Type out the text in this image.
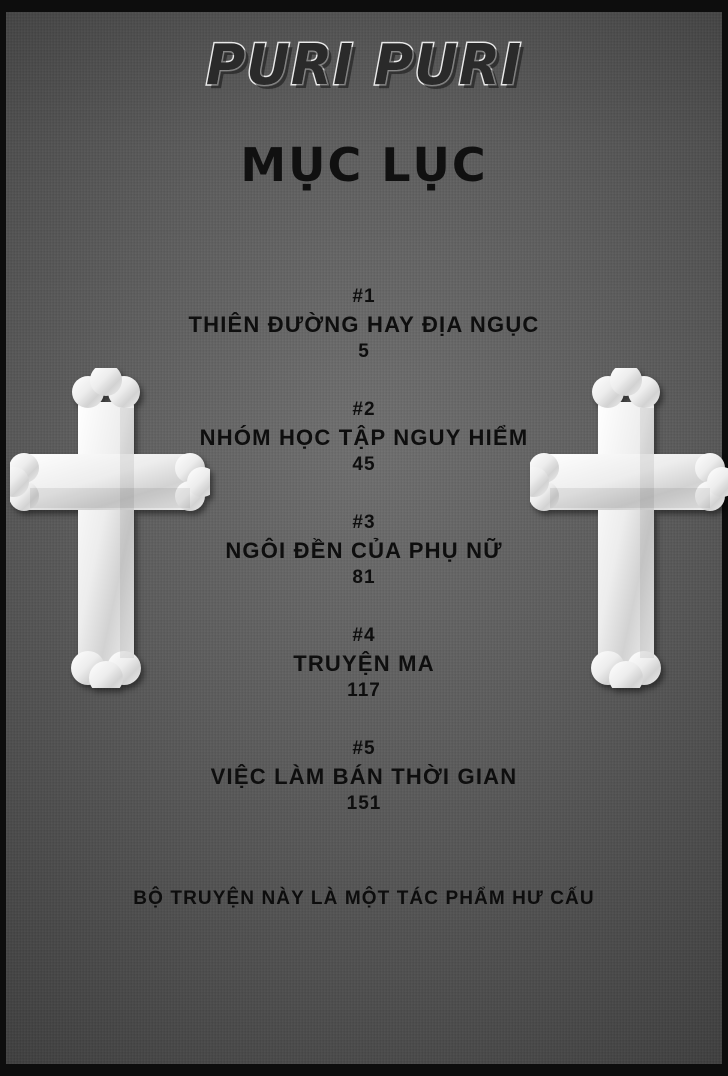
PURI PURI
MỤC LỤC
#1
THIÊN ĐƯỜNG HAY ĐỊA NGỤC
5
#2
NHÓM HỌC TẬP NGUY HIỂM
45
#3
NGÔI ĐỀN CỦA PHỤ NỮ
81
#4
TRUYỆN MA
117
#5
VIỆC LÀM BÁN THỜI GIAN
151
BỘ TRUYỆN NÀY LÀ MỘT TÁC PHẨM HƯ CẤU
